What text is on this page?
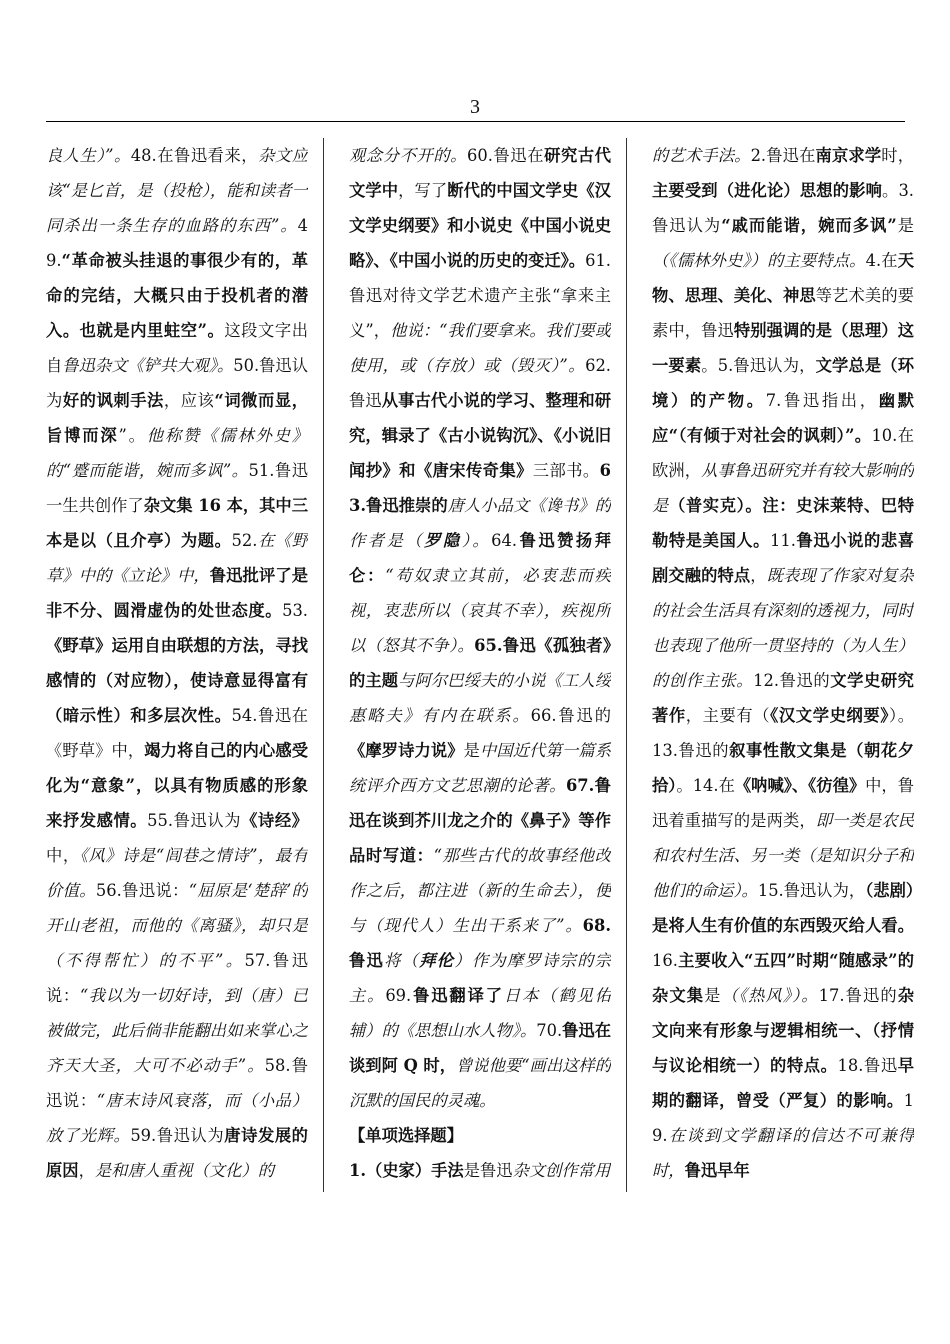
3
良人生）”。48.在鲁迅看来，杂文应该“是匕首，是（投枪），能和读者一同杀出一条生存的血路的东西”。49.“革命被头挂退的事很少有的，革命的完结，大概只由于投机者的潜入。也就是内里蛀空”。这段文字出自鲁迅杂文《铲共大观》。50.鲁迅认为好的讽刺手法，应该“词微而显，旨博而深”。他称赞《儒林外史》的“蹙而能谐，婉而多讽”。51.鲁迅一生共创作了杂文集 16 本，其中三本是以（且介亭）为题。52.在《野草》中的《立论》中，鲁迅批评了是非不分、圆滑虚伪的处世态度。53.《野草》运用自由联想的方法，寻找感情的（对应物），使诗意显得富有（暗示性）和多层次性。54.鲁迅在《野草》中，竭力将自己的内心感受化为“意象”，以具有物质感的形象来抒发感情。55.鲁迅认为《诗经》中，《风》诗是“闾巷之情诗”，最有价值。56.鲁迅说：“屈原是‘楚辞’的开山老祖，而他的《离骚》，却只是（不得帮忙）的不平”。57.鲁迅说：“我以为一切好诗，到（唐）已被做完，此后倘非能翻出如来掌心之齐天大圣，大可不必动手”。58.鲁迅说：“唐末诗风衰落，而（小品）放了光辉。59.鲁迅认为唐诗发展的原因，是和唐人重视（文化）的
观念分不开的。60.鲁迅在研究古代文学中，写了断代的中国文学史《汉文学史纲要》和小说史《中国小说史略》、《中国小说的历史的变迁》。61.鲁迅对待文学艺术遗产主张“拿来主义”，他说：“我们要拿来。我们要或使用，或（存放）或（毁灭）”。62.鲁迅从事古代小说的学习、整理和研究，辑录了《古小说钩沉》、《小说旧闻抄》和《唐宋传奇集》三部书。63.鲁迅推崇的唐人小品文《谗书》的作者是（罗隐）。64.鲁迅赞扬拜仑：“苟奴隶立其前，必衷悲而疾视，衷悲所以（哀其不幸），疾视所以（怒其不争）。65.鲁迅《孤独者》的主题与阿尔巴绥夫的小说《工人绥惠略夫》有内在联系。66.鲁迅的《摩罗诗力说》是中国近代第一篇系统评介西方文艺思潮的论著。67.鲁迅在谈到芥川龙之介的《鼻子》等作品时写道：“那些古代的故事经他改作之后，都注进（新的生命去），便与（现代人）生出干系来了”。68.鲁迅将（拜伦）作为摩罗诗宗的宗主。69.鲁迅翻译了日本（鹤见佑辅）的《思想山水人物》。70.鲁迅在谈到阿 Q 时，曾说他要“画出这样的沉默的国民的灵魂。
【单项选择题】
1.（史家）手法是鲁迅杂文创作常用
的艺术手法。2.鲁迅在南京求学时，主要受到（进化论）思想的影响。3.鲁迅认为“戚而能谐，婉而多讽”是（《儒林外史》）的主要特点。4.在天物、思理、美化、神思等艺术美的要素中，鲁迅特别强调的是（思理）这一要素。5.鲁迅认为，文学总是（环境）的产物。7.鲁迅指出，幽默应“（有倾于对社会的讽刺）”。10.在欧洲，从事鲁迅研究并有较大影响的是（普实克）。注：史沫莱特、巴特勒特是美国人。11.鲁迅小说的悲喜剧交融的特点，既表现了作家对复杂的社会生活具有深刻的透视力，同时也表现了他所一贯坚持的（为人生）的创作主张。12.鲁迅的文学史研究著作，主要有（《汉文学史纲要》）。13.鲁迅的叙事性散文集是（朝花夕拾）。14.在《呐喊》、《彷徨》中，鲁迅着重描写的是两类，即一类是农民和农村生活、另一类（是知识分子和他们的命运）。15.鲁迅认为，（悲剧）是将人生有价值的东西毁灭给人看。16.主要收入“五四”时期“随感录”的杂文集是（《热风》）。17.鲁迅的杂文向来有形象与逻辑相统一、（抒情与议论相统一）的特点。18.鲁迅早期的翻译，曾受（严复）的影响。19.在谈到文学翻译的信达不可兼得时，鲁迅早年
